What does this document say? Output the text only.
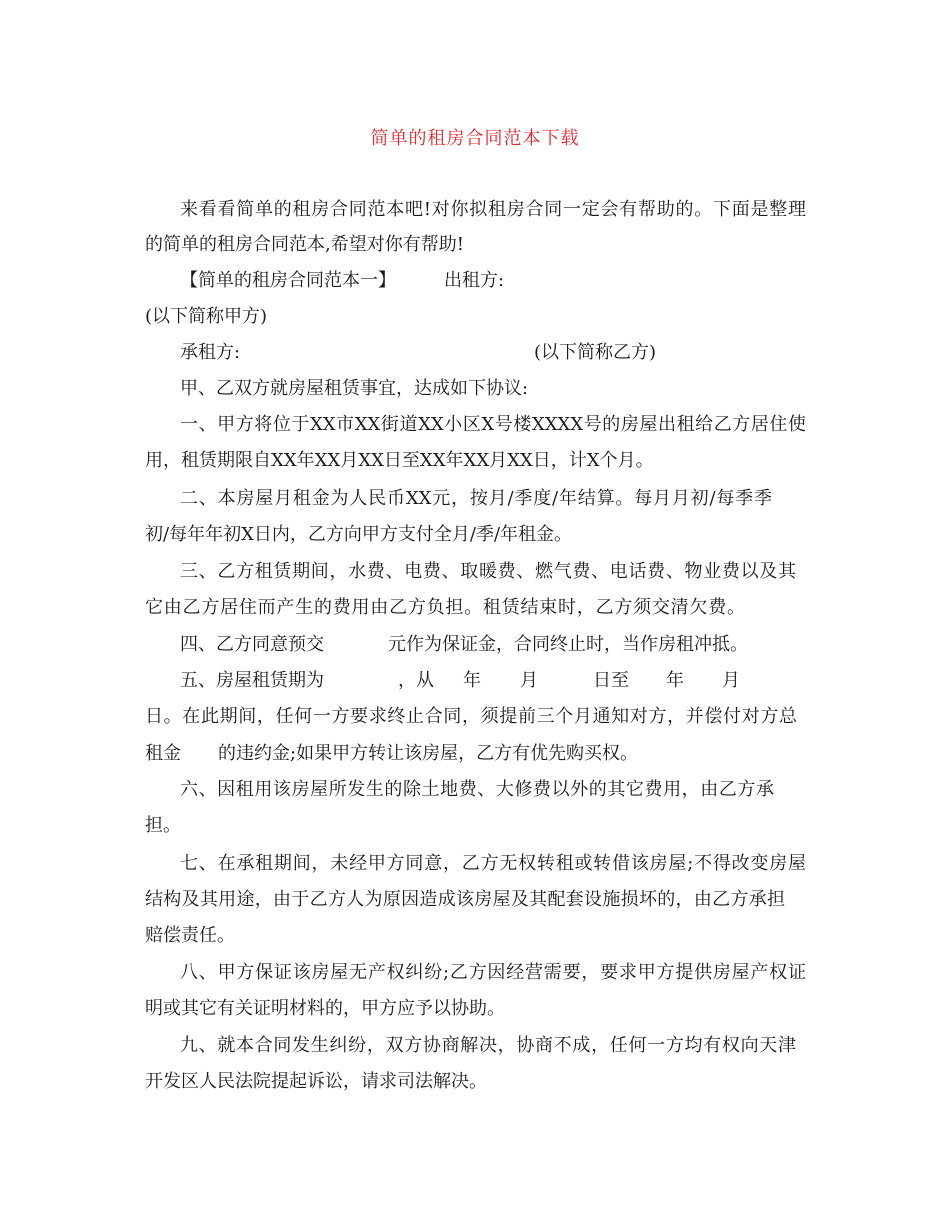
简单的租房合同范本下载
来看看简单的租房合同范本吧!对你拟租房合同一定会有帮助的。下面是整理
的简单的租房合同范本,希望对你有帮助!
【简单的租房合同范本一】	出租方:
(以下简称甲方)
承租方:	(以下简称乙方)
甲、乙双方就房屋租赁事宜，达成如下协议:
一、甲方将位于XX市XX街道XX小区X号楼XXXX号的房屋出租给乙方居住使
用，租赁期限自XX年XX月XX日至XX年XX月XX日，计X个月。
二、本房屋月租金为人民币XX元，按月/季度/年结算。每月月初/每季季
初/每年年初X日内，乙方向甲方支付全月/季/年租金。
三、乙方租赁期间，水费、电费、取暖费、燃气费、电话费、物业费以及其
它由乙方居住而产生的费用由乙方负担。租赁结束时，乙方须交清欠费。
四、乙方同意预交	元作为保证金，合同终止时，当作房租冲抵。
五、房屋租赁期为	，从 年 月	日至 年 月
日。在此期间，任何一方要求终止合同，须提前三个月通知对方，并偿付对方总
租金 的违约金;如果甲方转让该房屋，乙方有优先购买权。
六、因租用该房屋所发生的除土地费、大修费以外的其它费用，由乙方承
担。
七、在承租期间，未经甲方同意，乙方无权转租或转借该房屋;不得改变房屋
结构及其用途，由于乙方人为原因造成该房屋及其配套设施损坏的，由乙方承担
赔偿责任。
八、甲方保证该房屋无产权纠纷;乙方因经营需要，要求甲方提供房屋产权证
明或其它有关证明材料的，甲方应予以协助。
九、就本合同发生纠纷，双方协商解决，协商不成，任何一方均有权向天津
开发区人民法院提起诉讼，请求司法解决。
